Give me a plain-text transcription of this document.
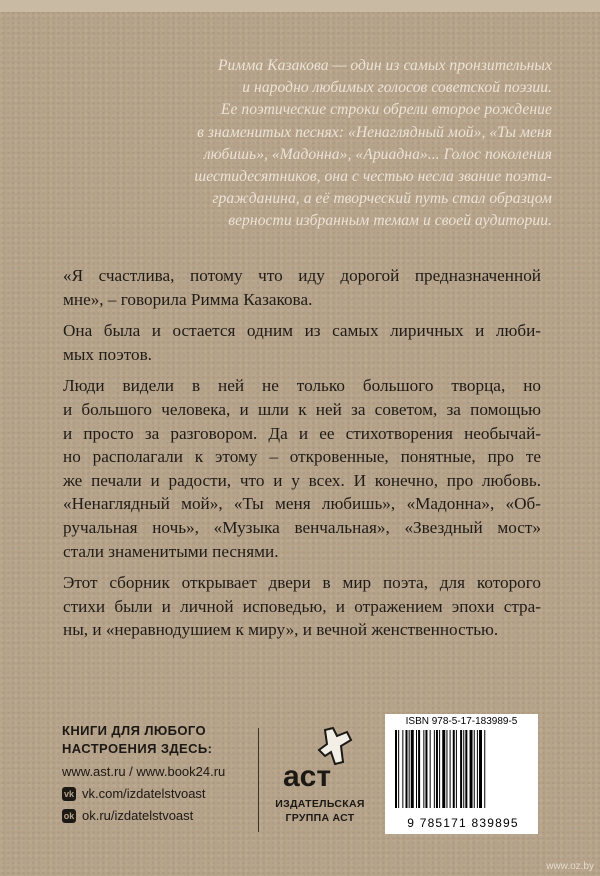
Римма Казакова — один из самых пронзительных
и народно любимых голосов советской поэзии.
Ее поэтические строки обрели второе рождение
в знаменитых песнях: «Ненаглядный мой», «Ты меня
любишь», «Мадонна», «Ариадна»... Голос поколения
шестидесятников, она с честью несла звание поэта-
гражданина, а её творческий путь стал образцом
верности избранным темам и своей аудитории.
«Я счастлива, потому что иду дорогой предназначенной
мне», – говорила Римма Казакова.
Она была и остается одним из самых лиричных и люби-
мых поэтов.
Люди видели в ней не только большого творца, но
и большого человека, и шли к ней за советом, за помощью
и просто за разговором. Да и ее стихотворения необычай-
но располагали к этому – откровенные, понятные, про те
же печали и радости, что и у всех. И конечно, про любовь.
«Ненаглядный мой», «Ты меня любишь», «Мадонна», «Об-
ручальная ночь», «Музыка венчальная», «Звездный мост»
стали знаменитыми песнями.
Этот сборник открывает двери в мир поэта, для которого
стихи были и личной исповедью, и отражением эпохи стра-
ны, и «неравнодушием к миру», и вечной женственностью.
КНИГИ ДЛЯ ЛЮБОГО
НАСТРОЕНИЯ ЗДЕСЬ:
www.ast.ru / www.book24.ru
vk vk.com/izdatelstvoast
ok ok.ru/izdatelstvoast
аст
ИЗДАТЕЛЬСКАЯ
ГРУППА АСТ
ISBN 978-5-17-183989-5
9 785171 839895
www.oz.by
